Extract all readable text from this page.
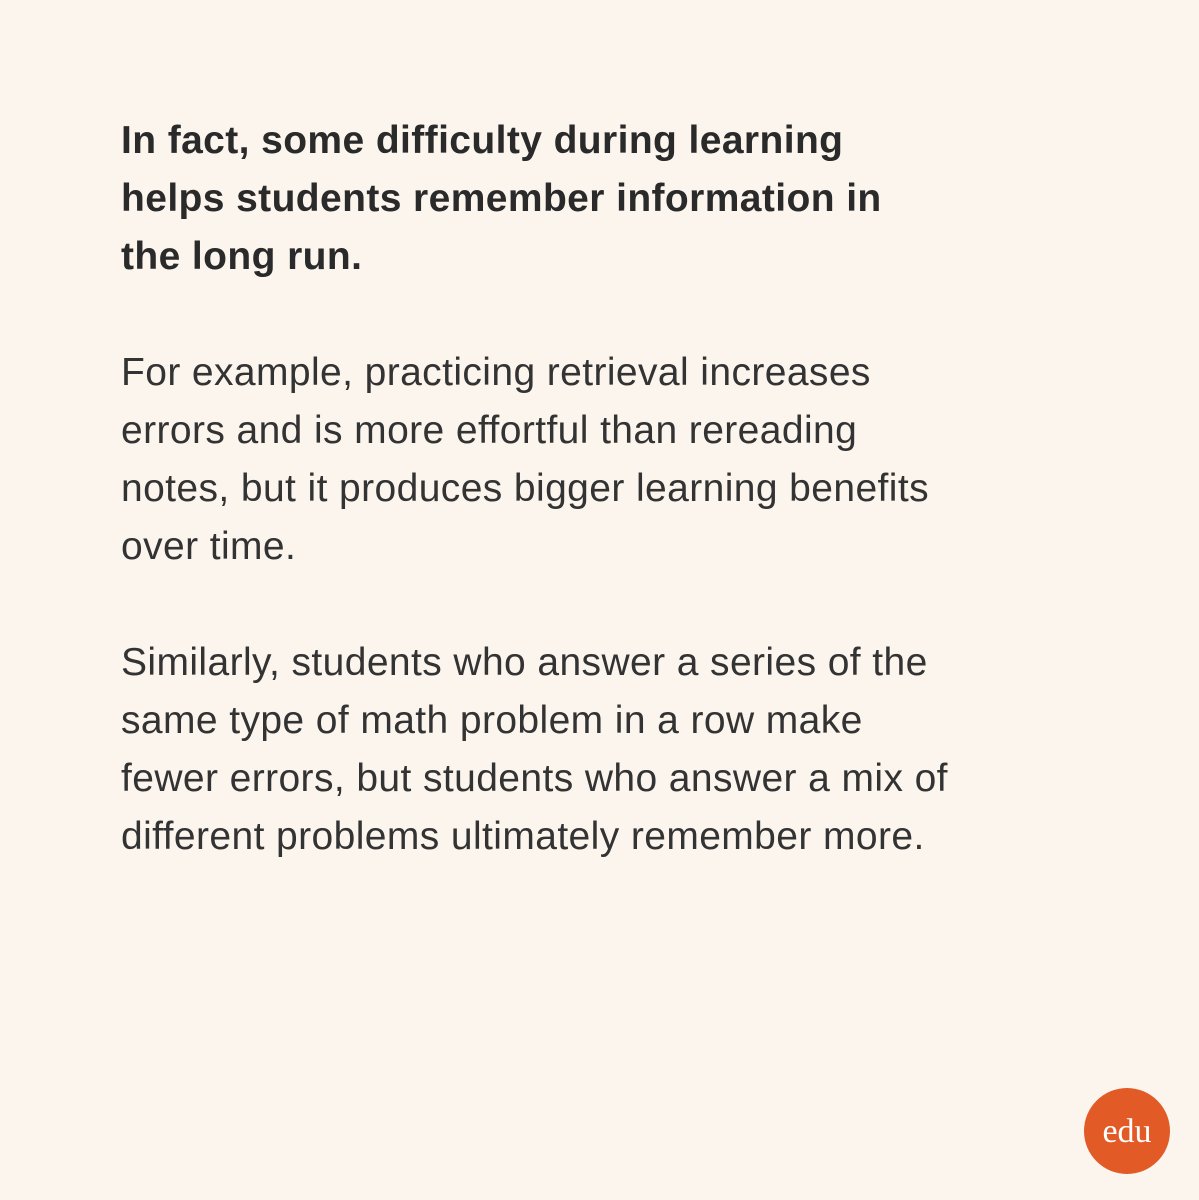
In fact, some difficulty during learning
helps students remember information in
the long run.

For example, practicing retrieval increases
errors and is more effortful than rereading
notes, but it produces bigger learning benefits
over time.

Similarly, students who answer a series of the
same type of math problem in a row make
fewer errors, but students who answer a mix of
different problems ultimately remember more.

edu
